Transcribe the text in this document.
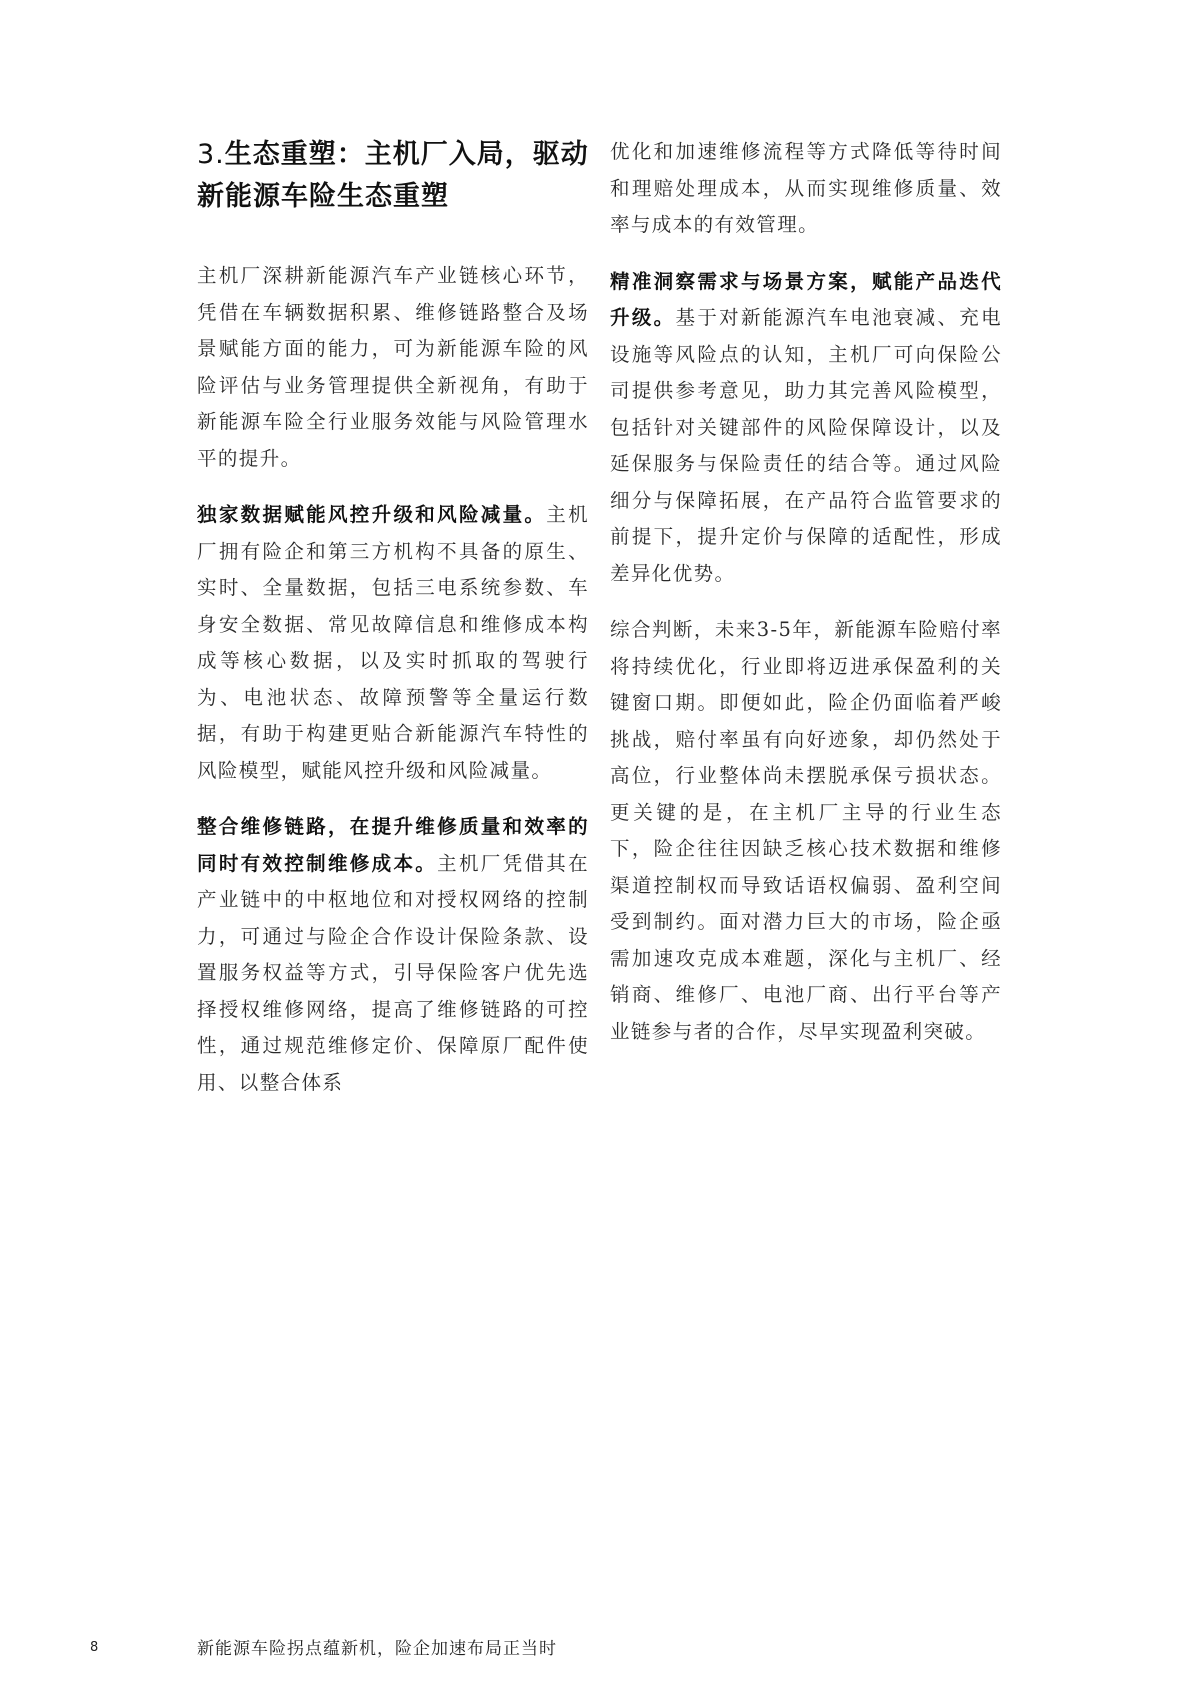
3.生态重塑：主机厂入局，驱动新能源车险生态重塑

主机厂深耕新能源汽车产业链核心环节，凭借在车辆数据积累、维修链路整合及场景赋能方面的能力，可为新能源车险的风险评估与业务管理提供全新视角，有助于新能源车险全行业服务效能与风险管理水平的提升。

独家数据赋能风控升级和风险减量。主机厂拥有险企和第三方机构不具备的原生、实时、全量数据，包括三电系统参数、车身安全数据、常见故障信息和维修成本构成等核心数据，以及实时抓取的驾驶行为、电池状态、故障预警等全量运行数据，有助于构建更贴合新能源汽车特性的风险模型，赋能风控升级和风险减量。

整合维修链路，在提升维修质量和效率的同时有效控制维修成本。主机厂凭借其在产业链中的中枢地位和对授权网络的控制力，可通过与险企合作设计保险条款、设置服务权益等方式，引导保险客户优先选择授权维修网络，提高了维修链路的可控性，通过规范维修定价、保障原厂配件使用、以整合体系

优化和加速维修流程等方式降低等待时间和理赔处理成本，从而实现维修质量、效率与成本的有效管理。

精准洞察需求与场景方案，赋能产品迭代升级。基于对新能源汽车电池衰减、充电设施等风险点的认知，主机厂可向保险公司提供参考意见，助力其完善风险模型，包括针对关键部件的风险保障设计，以及延保服务与保险责任的结合等。通过风险细分与保障拓展，在产品符合监管要求的前提下，提升定价与保障的适配性，形成差异化优势。

综合判断，未来3-5年，新能源车险赔付率将持续优化，行业即将迈进承保盈利的关键窗口期。即便如此，险企仍面临着严峻挑战，赔付率虽有向好迹象，却仍然处于高位，行业整体尚未摆脱承保亏损状态。更关键的是，在主机厂主导的行业生态下，险企往往因缺乏核心技术数据和维修渠道控制权而导致话语权偏弱、盈利空间受到制约。面对潜力巨大的市场，险企亟需加速攻克成本难题，深化与主机厂、经销商、维修厂、电池厂商、出行平台等产业链参与者的合作，尽早实现盈利突破。

8	新能源车险拐点蕴新机，险企加速布局正当时
